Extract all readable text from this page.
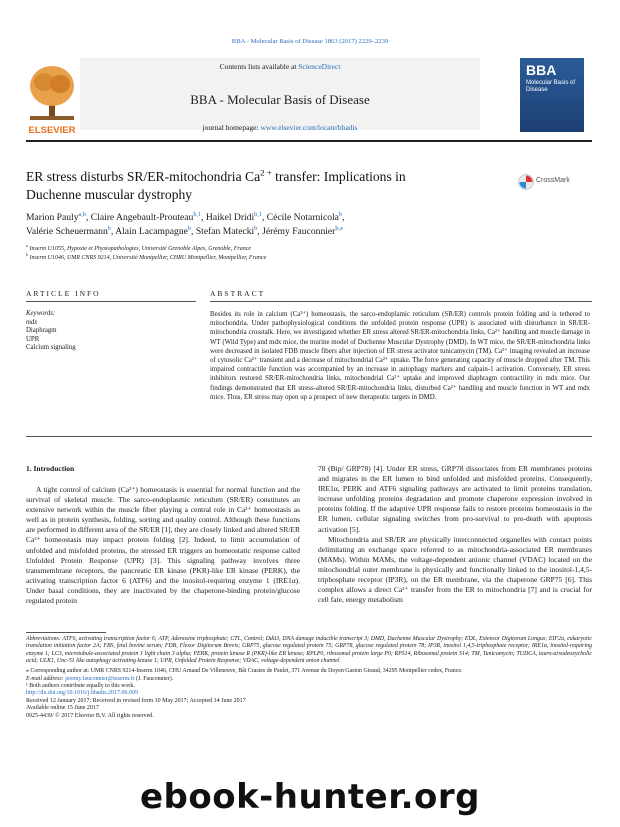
BBA - Molecular Basis of Disease 1863 (2017) 2229–2239
ELSEVIER
Contents lists available at ScienceDirect
BBA - Molecular Basis of Disease
journal homepage: www.elsevier.com/locate/bbadis
BBA
Molecular Basis of Disease
ER stress disturbs SR/ER-mitochondria $Ca^{2 +}$ transfer: Implications in
Duchenne muscular dystrophy
CrossMark
Marion Pauly$^{a,b}$, Claire Angebault-Prouteau$^{b,1}$, Haikel Dridi$^{b,1}$, Cécile Notarnicola$^b$,
Valérie Scheuermann$^b$, Alain Lacampagne$^b$, Stefan Matecki$^b$, Jérémy Fauconnier$^{b,⁎}$
$^a$ Inserm U1055, Hypoxie et Physiopathologies, Université Grenoble Alpes, Grenoble, France
$^b$ Inserm U1046, UMR CNRS 9214, Université Montpellier, CHRU Montpellier, Montpellier, France
ARTICLE INFO	ABSTRACT
Keywords:
mdx
Diaphragm
UPR
Calcium signaling
Besides its role in calcium (Ca²⁺) homeostasis, the sarco-endoplamic reticulum (SR/ER) controls protein folding and is tethered to mitochondria. Under pathophysiological conditions the unfolded protein response (UPR) is associated with disturbance in SR/ER-mitochondria crosstalk. Here, we investigated whether ER stress altered SR/ER-mitochondria links, Ca²⁺ handling and muscle damage in WT (Wild Type) and mdx mice, the murine model of Duchenne Muscular Dystrophy (DMD). In WT mice, the SR/ER-mitochondria links were decreased in isolated FDB muscle fibers after injection of ER stress activator tunicamycin (TM). Ca²⁺ imaging revealed an increase of cytosolic Ca²⁺ transient and a decrease of mitochondrial Ca²⁺ uptake. The force generating capacity of muscle dropped after TM. This impaired contractile function was accompanied by an increase in autophagy markers and calpain-1 activation. Conversely, ER stress inhibitors restored SR/ER-mitochondria links, mitochondrial Ca²⁺ uptake and improved diaphragm contractility in mdx mice. Our findings demonstrated that ER stress-altered SR/ER-mitochondria links, disturbed Ca²⁺ handling and muscle function in WT and mdx mice. Thus, ER stress may open up a prospect of new therapeutic targets in DMD.
1. Introduction

A tight control of calcium (Ca²⁺) homeostasis is essential for normal function and the survival of skeletal muscle. The sarco-endoplasmic reticulum (SR/ER) constitutes an extensive network within the muscle fiber playing a central role in Ca²⁺ homeostasis as well as in protein synthesis, folding, sorting and quality control. Although these functions are performed in different area of the SR/ER [1], they are closely linked and altered SR/ER Ca²⁺ homeostasis may impact protein folding [2]. Indeed, to limit accumulation of unfolded and misfolded proteins, the stressed ER triggers an homeostatic response called Unfolded Protein Response (UPR) [3]. This signaling pathway involves three transmembrane receptors, the pancreatic ER kinase (PKR)-like ER kinase (PERK), the activating transcription factor 6 (ATF6) and the inositol-requiring enzyme 1 (IRE1α). Under basal conditions, they are inactivated by the chaperone-binding protein/glucose regulated protein

78 (Bip/ GRP78) [4]. Under ER stress, GRP78 dissociates from ER membranes proteins and migrates in the ER lumen to bind unfolded and misfolded proteins. Consequently, IRE1α, PERK and ATF6 signaling pathways are activated to limit proteins translation, increase unfolding proteins degradation and promote chaperone expression involved in proteins folding. If the adaptive UPR response fails to restore proteins homeostasis in the ER lumen, cellular signaling switches from pro-survival to pro-death with apoptosis activation [5].

Mitochondria and SR/ER are physically interconnected organelles with contact points delimitating an exchange space referred to as mitochondria-associated ER membranes (MAMs). Within MAMs, the voltage-dependent anionic channel (VDAC) located on the mitochondrial outer membrane is physically and functionally linked to the inositol-1,4,5-triphosphate receptor (IP3R), on the ER membrane, via the chaperone GRP75 [6]. This complex allows a direct Ca²⁺ transfer from the ER to mitochondria [7] and is crucial for cell fate, energy metabolism

Abbreviations: ATF6, activating transcription factor 6; ATP, Adenosine triphosphate; CTL, Control; Ddit3, DNA damage inducible transcript 3; DMD, Duchenne Muscular Dystrophy; EDL, Extensor Digitorum Longus; EIF2α, eukaryotic translation initiation factor 2A; FBS, fetal bovine serum; FDB, Flexor Digitorum Brevis; GRP75, glucose regulated protein 75; GRP78, glucose regulated protein 78; IP3R, inositol 1,4,5-triphosphate receptor; IRE1α, inositol-requiring enzyme 1; LC3, microtubule-associated protein 1 light chain 3 alpha; PERK, protein kinase R (PKR)-like ER kinase; RPLP0, ribosomal protein large P0; RPS14, Ribosomal protein S14; TM, Tunicamycin; TUDCA, tauro-ursodeoxycholic acid; ULK1, Unc-51 like autophagy activating kinase 1; UPR, Unfolded Protein Response; VDAC, voltage-dependent anion channel
⁎ Corresponding author at: UMR CNRS 9214-Inserm 1046, CHU Arnaud De Villeneuve, Bât Crastes de Paulet, 371 Avenue du Doyen Gaston Giraud, 34295 Montpellier cedex, France.
E-mail address: jeremy.fauconnier@inserm.fr (J. Fauconnier).
¹ Both authors contribute equally to this work.
http://dx.doi.org/10.1016/j.bbadis.2017.06.009
Received 12 January 2017; Received in revised form 10 May 2017; Accepted 14 June 2017
Available online 15 June 2017
0925-4439/ © 2017 Elsevier B.V. All rights reserved.
ebook-hunter.org
